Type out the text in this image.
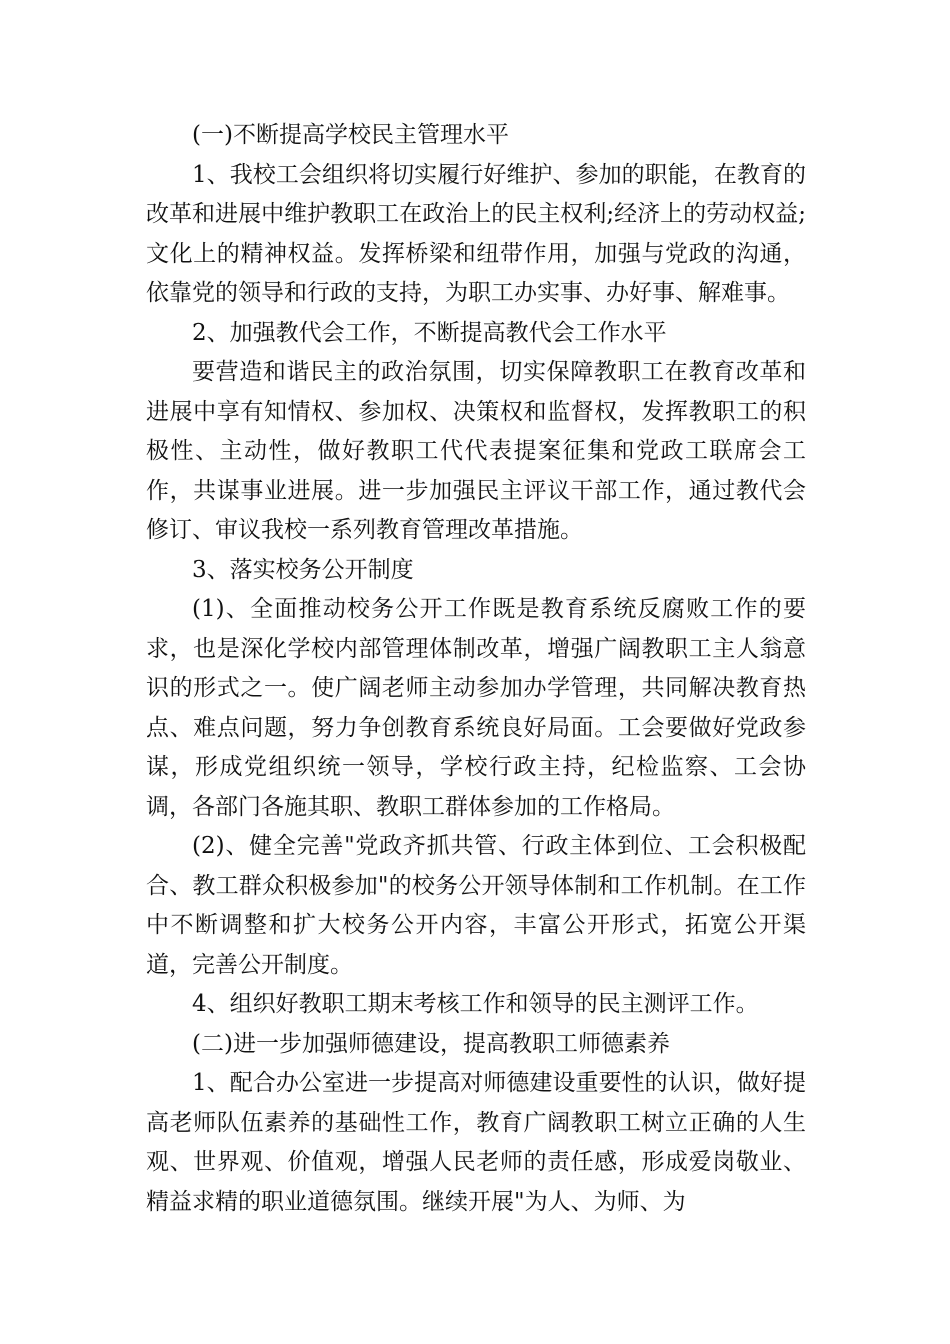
(一)不断提高学校民主管理水平

1、我校工会组织将切实履行好维护、参加的职能，在教育的改革和进展中维护教职工在政治上的民主权利;经济上的劳动权益;文化上的精神权益。发挥桥梁和纽带作用，加强与党政的沟通，依靠党的领导和行政的支持，为职工办实事、办好事、解难事。

2、加强教代会工作，不断提高教代会工作水平

要营造和谐民主的政治氛围，切实保障教职工在教育改革和进展中享有知情权、参加权、决策权和监督权，发挥教职工的积极性、主动性，做好教职工代代表提案征集和党政工联席会工作，共谋事业进展。进一步加强民主评议干部工作，通过教代会修订、审议我校一系列教育管理改革措施。

3、落实校务公开制度

(1)、全面推动校务公开工作既是教育系统反腐败工作的要求，也是深化学校内部管理体制改革，增强广阔教职工主人翁意识的形式之一。使广阔老师主动参加办学管理，共同解决教育热点、难点问题，努力争创教育系统良好局面。工会要做好党政参谋，形成党组织统一领导，学校行政主持，纪检监察、工会协调，各部门各施其职、教职工群体参加的工作格局。

(2)、健全完善"党政齐抓共管、行政主体到位、工会积极配合、教工群众积极参加"的校务公开领导体制和工作机制。在工作中不断调整和扩大校务公开内容，丰富公开形式，拓宽公开渠道，完善公开制度。

4、组织好教职工期末考核工作和领导的民主测评工作。

(二)进一步加强师德建设，提高教职工师德素养

1、配合办公室进一步提高对师德建设重要性的认识，做好提高老师队伍素养的基础性工作，教育广阔教职工树立正确的人生观、世界观、价值观，增强人民老师的责任感，形成爱岗敬业、精益求精的职业道德氛围。继续开展"为人、为师、为
